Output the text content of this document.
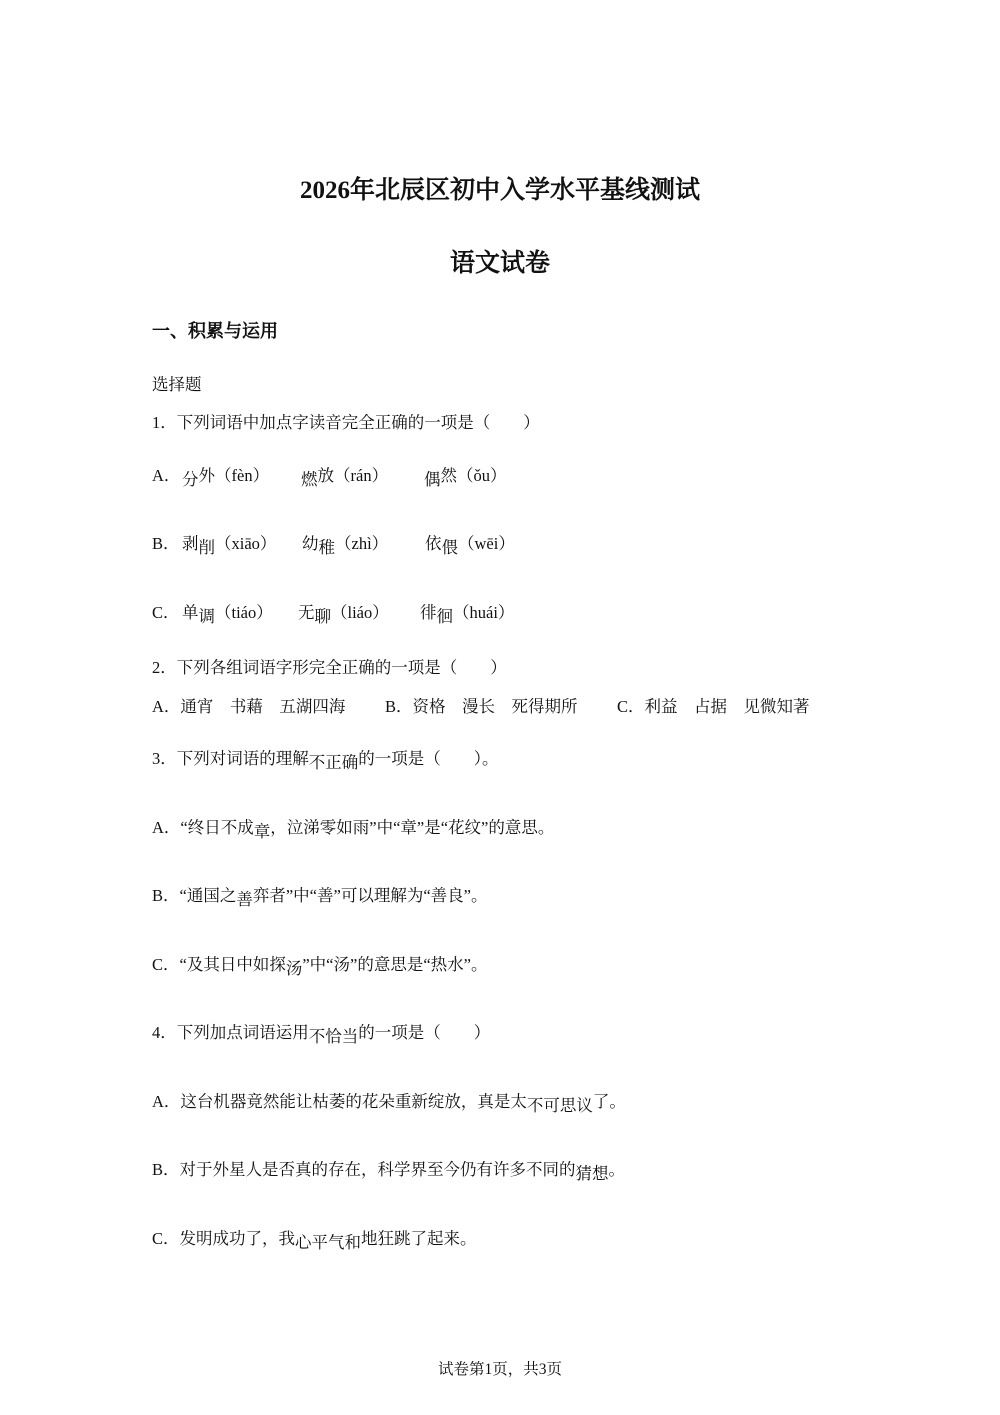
2026年北辰区初中入学水平基线测试
语文试卷
一、积累与运用
选择题
1．下列词语中加点字读音完全正确的一项是（　　）
A． 分外（fèn） 燃放（rán） 偶然（ǒu）
B． 剥削（xiāo） 幼稚（zhì） 依偎（wēi）
C． 单调（tiáo） 无聊（liáo） 徘徊（huái）
2．下列各组词语字形完全正确的一项是（　　）
A．通宵　书藉　五湖四海 B．资格　漫长　死得期所 C．利益　占据　见微知著
3．下列对词语的理解不正确的一项是（　　）。
A．“终日不成章，泣涕零如雨”中“章”是“花纹”的意思。
B．“通国之善弈者”中“善”可以理解为“善良”。
C．“及其日中如探汤”中“汤”的意思是“热水”。
4．下列加点词语运用不恰当的一项是（　　）
A．这台机器竟然能让枯萎的花朵重新绽放，真是太不可思议了。
B．对于外星人是否真的存在，科学界至今仍有许多不同的猜想。
C．发明成功了，我心平气和地狂跳了起来。
试卷第1页，共3页
